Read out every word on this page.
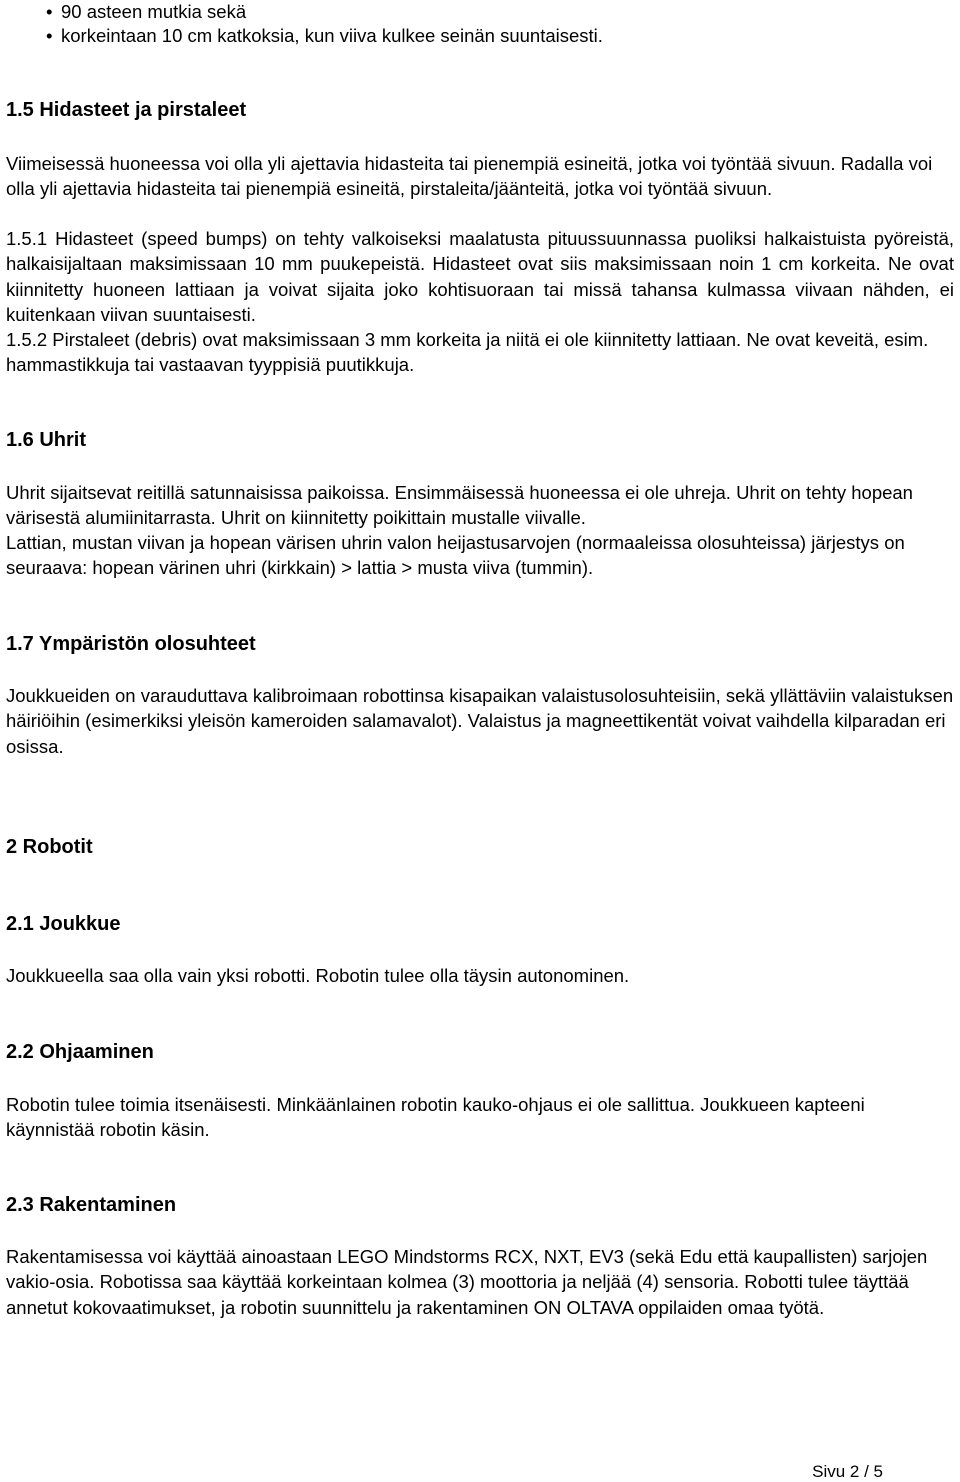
• 90 asteen mutkia sekä
• korkeintaan 10 cm katkoksia, kun viiva kulkee seinän suuntaisesti.
1.5 Hidasteet ja pirstaleet

Viimeisessä huoneessa voi olla yli ajettavia hidasteita tai pienempiä esineitä, jotka voi työntää sivuun. Radalla voi olla yli ajettavia hidasteita tai pienempiä esineitä, pirstaleita/jäänteitä, jotka voi työntää sivuun.

1.5.1 Hidasteet (speed bumps) on tehty valkoiseksi maalatusta pituussuunnassa puoliksi halkaistuista pyöreistä, halkaisijaltaan maksimissaan 10 mm puukepeistä. Hidasteet ovat siis maksimissaan noin 1 cm korkeita. Ne ovat kiinnitetty huoneen lattiaan ja voivat sijaita joko kohtisuoraan tai missä tahansa kulmassa viivaan nähden, ei kuitenkaan viivan suuntaisesti.

1.5.2 Pirstaleet (debris) ovat maksimissaan 3 mm korkeita ja niitä ei ole kiinnitetty lattiaan. Ne ovat keveitä, esim. hammastikkuja tai vastaavan tyyppisiä puutikkuja.

1.6 Uhrit

Uhrit sijaitsevat reitillä satunnaisissa paikoissa. Ensimmäisessä huoneessa ei ole uhreja. Uhrit on tehty hopean värisestä alumiinitarrasta. Uhrit on kiinnitetty poikittain mustalle viivalle.

Lattian, mustan viivan ja hopean värisen uhrin valon heijastusarvojen (normaaleissa olosuhteissa) järjestys on seuraava: hopean värinen uhri (kirkkain) > lattia > musta viiva (tummin).

1.7 Ympäristön olosuhteet

Joukkueiden on varauduttava kalibroimaan robottinsa kisapaikan valaistusolosuhteisiin, sekä yllättäviin valaistuksen häiriöihin (esimerkiksi yleisön kameroiden salamavalot). Valaistus ja magneettikentät voivat vaihdella kilparadan eri osissa.

2 Robotit
2.1 Joukkue

Joukkueella saa olla vain yksi robotti. Robotin tulee olla täysin autonominen.

2.2 Ohjaaminen

Robotin tulee toimia itsenäisesti. Minkäänlainen robotin kauko-ohjaus ei ole sallittua. Joukkueen kapteeni käynnistää robotin käsin.

2.3 Rakentaminen

Rakentamisessa voi käyttää ainoastaan LEGO Mindstorms RCX, NXT, EV3 (sekä Edu että kaupallisten) sarjojen vakio-osia. Robotissa saa käyttää korkeintaan kolmea (3) moottoria ja neljää (4) sensoria. Robotti tulee täyttää annetut kokovaatimukset, ja robotin suunnittelu ja rakentaminen ON OLTAVA oppilaiden omaa työtä.

Sivu 2 / 5
